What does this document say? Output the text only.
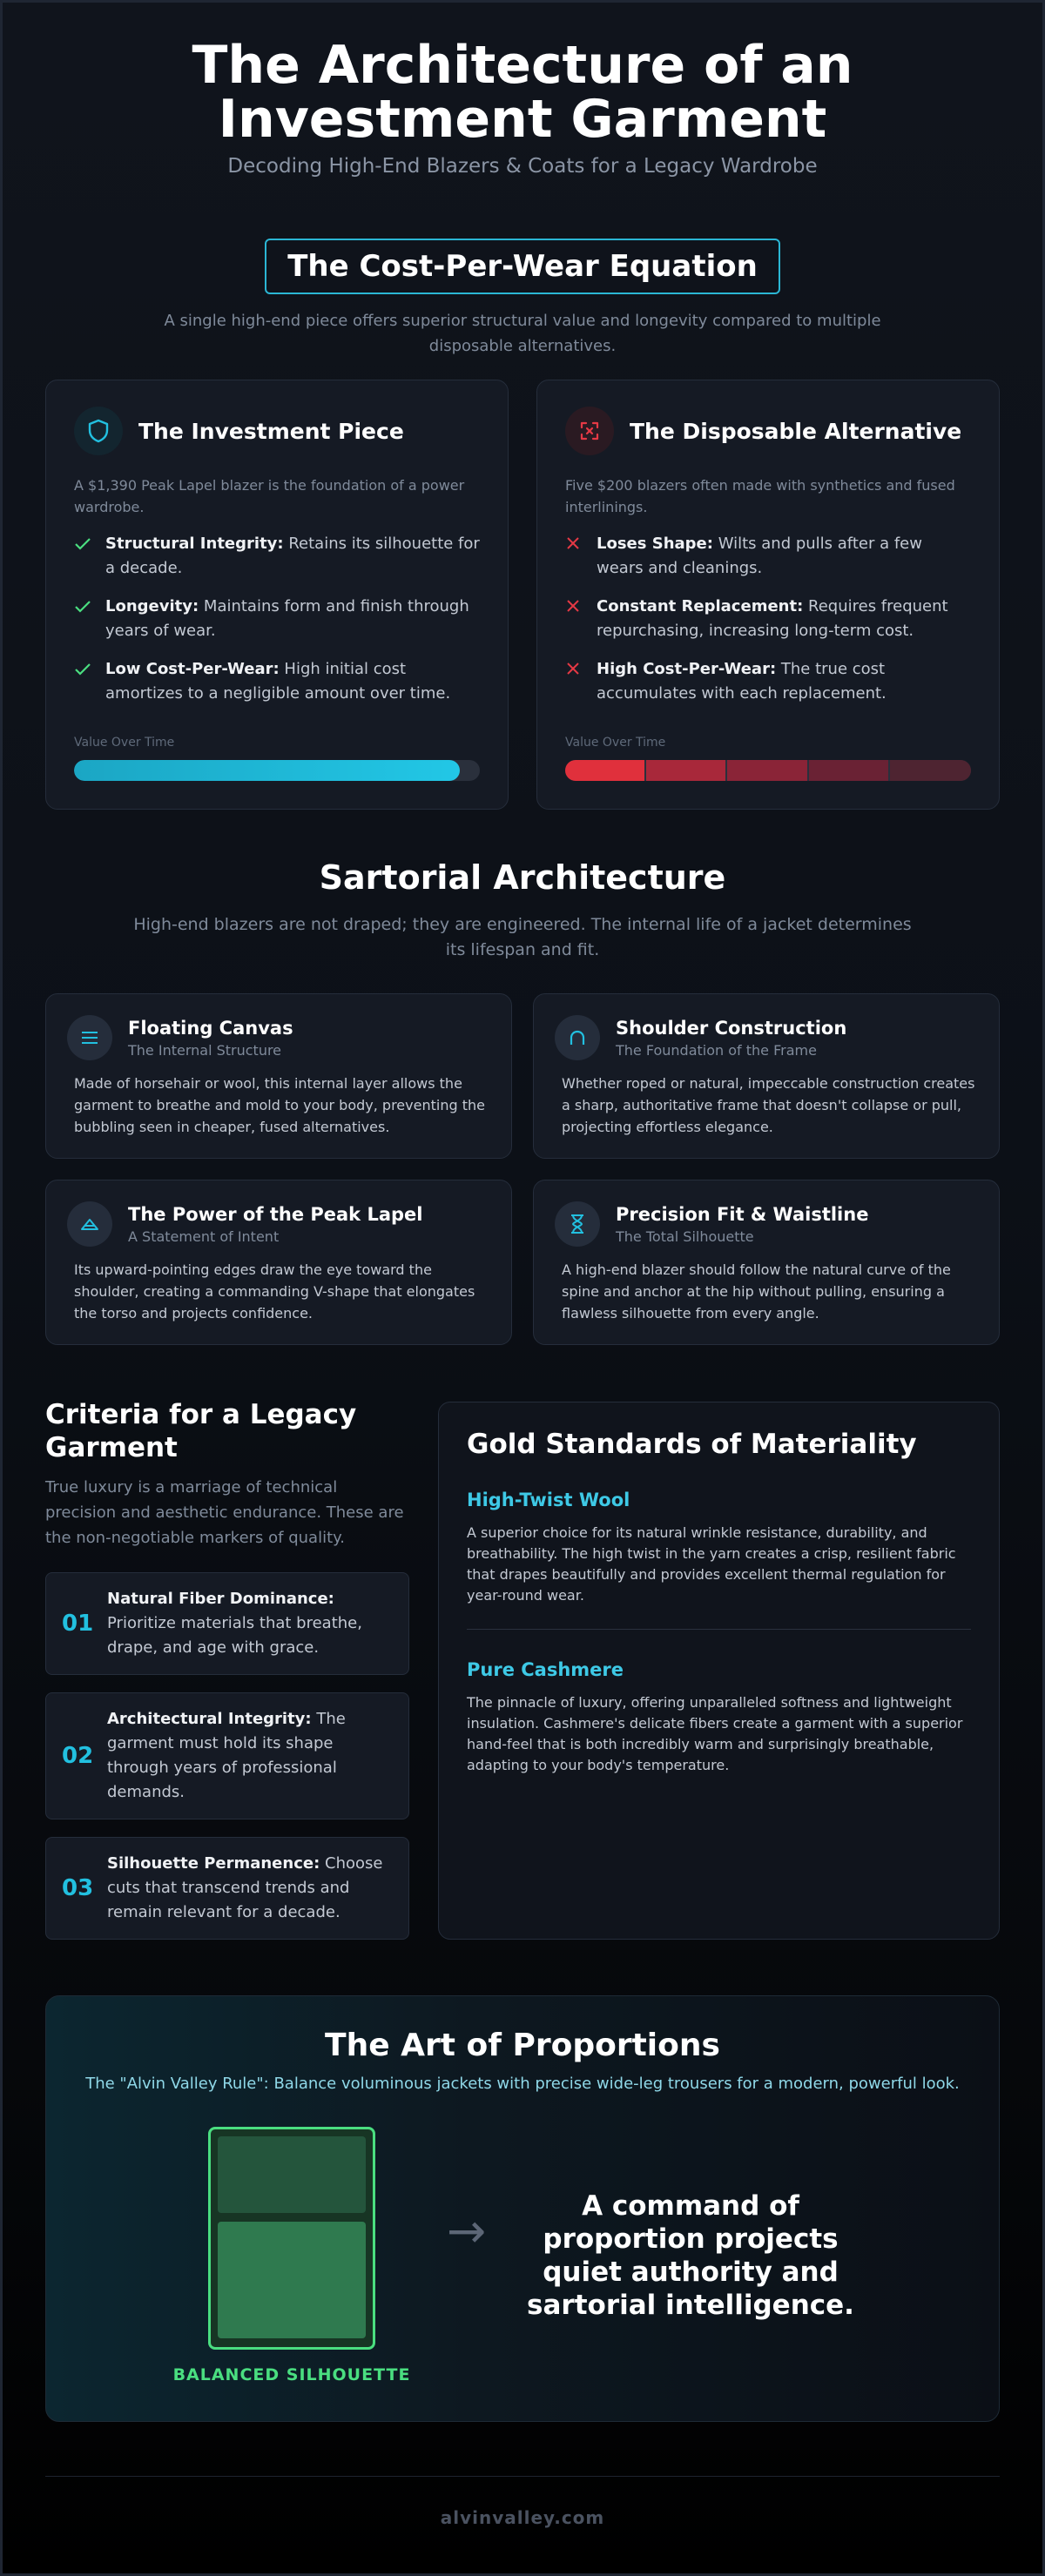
The Architecture of an
Investment Garment
Decoding High-End Blazers & Coats for a Legacy Wardrobe
The Cost-Per-Wear Equation
A single high-end piece offers superior structural value and longevity compared to multiple disposable alternatives.
The Investment Piece
A $1,390 Peak Lapel blazer is the foundation of a power wardrobe.
Structural Integrity: Retains its silhouette for a decade.
Longevity: Maintains form and finish through years of wear.
Low Cost-Per-Wear: High initial cost amortizes to a negligible amount over time.
Value Over Time
The Disposable Alternative
Five $200 blazers often made with synthetics and fused interlinings.
Loses Shape: Wilts and pulls after a few wears and cleanings.
Constant Replacement: Requires frequent repurchasing, increasing long-term cost.
High Cost-Per-Wear: The true cost accumulates with each replacement.
Value Over Time
Sartorial Architecture
High-end blazers are not draped; they are engineered. The internal life of a jacket determines its lifespan and fit.
Floating Canvas
The Internal Structure

Made of horsehair or wool, this internal layer allows the garment to breathe and mold to your body, preventing the bubbling seen in cheaper, fused alternatives.

Shoulder Construction
The Foundation of the Frame

Whether roped or natural, impeccable construction creates a sharp, authoritative frame that doesn't collapse or pull, projecting effortless elegance.

The Power of the Peak Lapel
A Statement of Intent

Its upward-pointing edges draw the eye toward the shoulder, creating a commanding V-shape that elongates the torso and projects confidence.

Precision Fit & Waistline
The Total Silhouette

A high-end blazer should follow the natural curve of the spine and anchor at the hip without pulling, ensuring a flawless silhouette from every angle.

Criteria for a Legacy Garment
True luxury is a marriage of technical precision and aesthetic endurance. These are the non-negotiable markers of quality.
01
Natural Fiber Dominance: Prioritize materials that breathe, drape, and age with grace.
02
Architectural Integrity: The garment must hold its shape through years of professional demands.
03
Silhouette Permanence: Choose cuts that transcend trends and remain relevant for a decade.
Gold Standards of Materiality
High-Twist Wool

A superior choice for its natural wrinkle resistance, durability, and breathability. The high twist in the yarn creates a crisp, resilient fabric that drapes beautifully and provides excellent thermal regulation for year-round wear.

Pure Cashmere

The pinnacle of luxury, offering unparalleled softness and lightweight insulation. Cashmere's delicate fibers create a garment with a superior hand-feel that is both incredibly warm and surprisingly breathable, adapting to your body's temperature.

The Art of Proportions
The "Alvin Valley Rule": Balance voluminous jackets with precise wide-leg trousers for a modern, powerful look.
BALANCED SILHOUETTE
→	A command of proportion projects quiet authority and sartorial intelligence.
alvinvalley.com
